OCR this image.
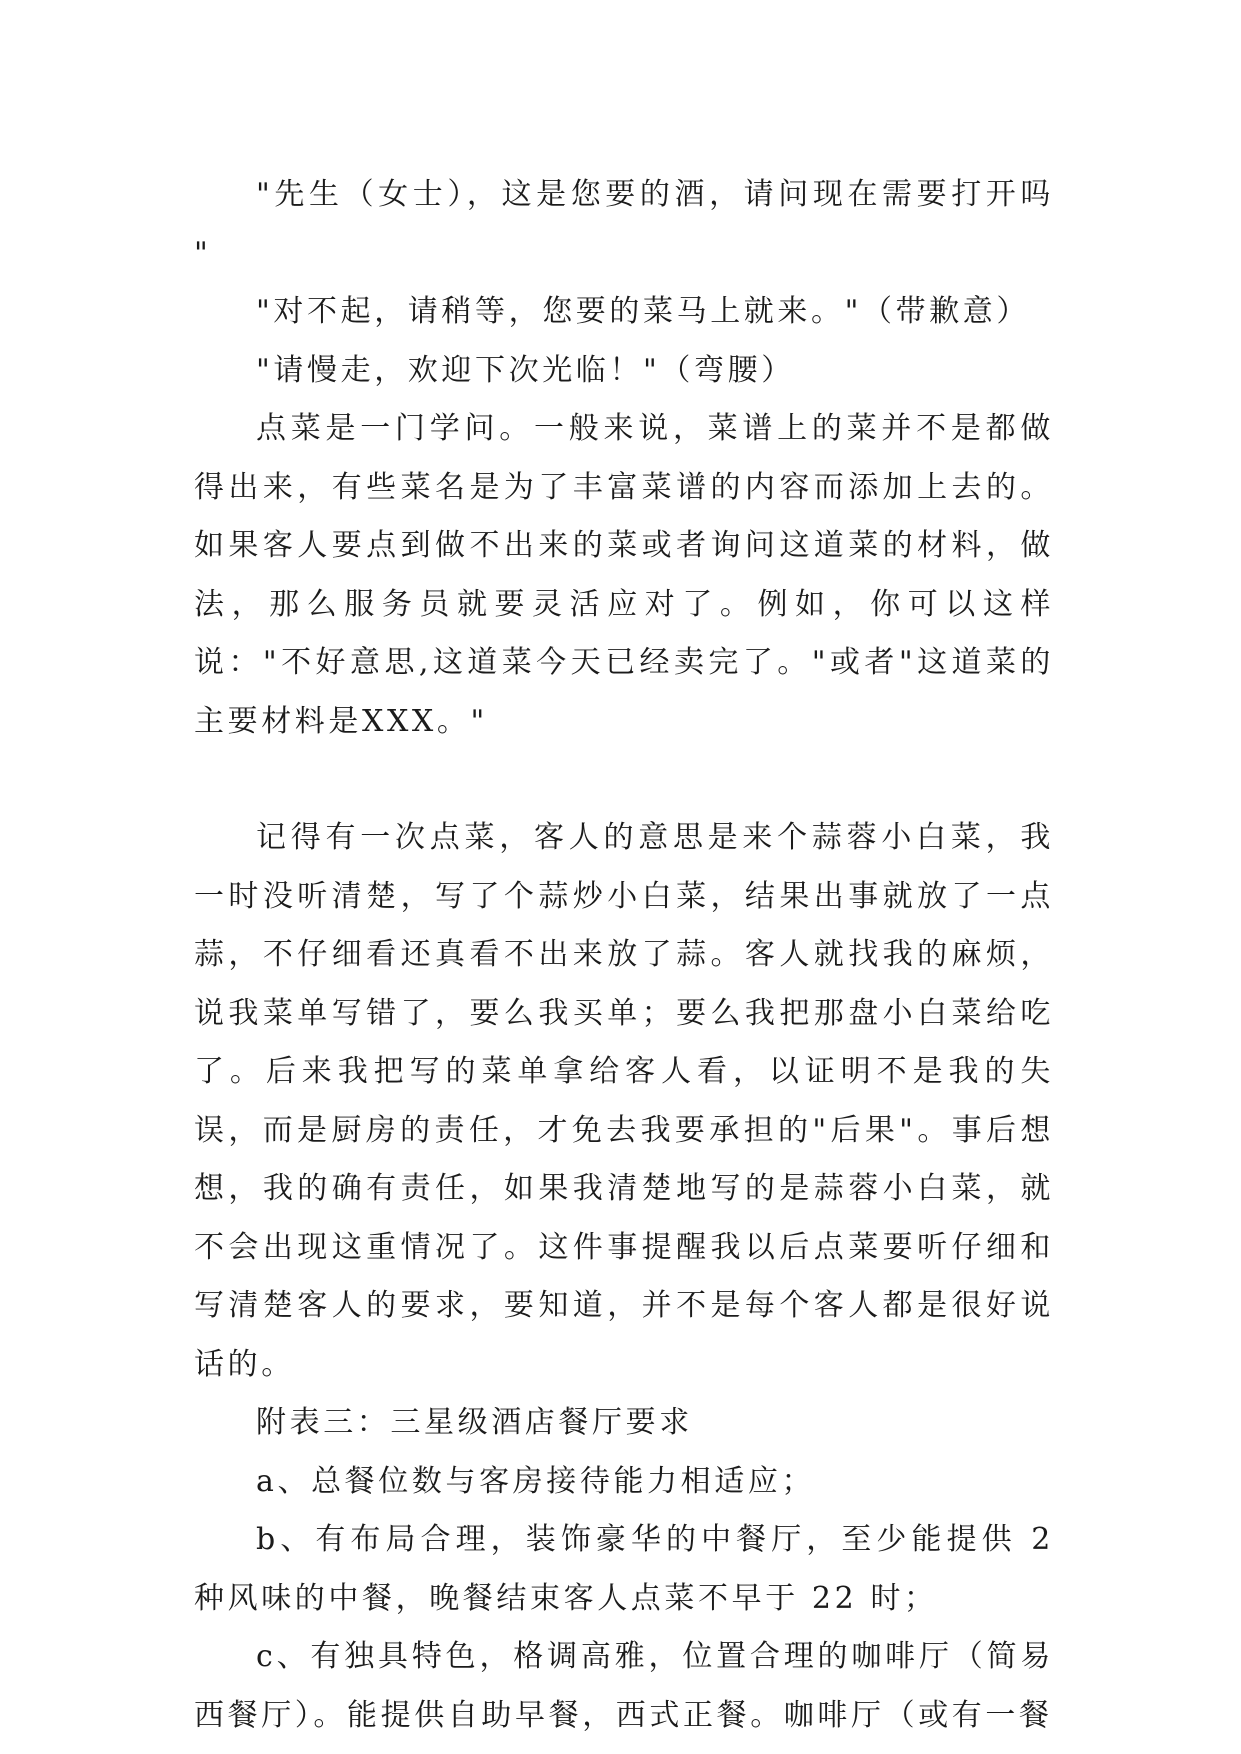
"先生（女士），这是您要的酒，请问现在需要打开吗 "

"对不起，请稍等，您要的菜马上就来。"（带歉意）

"请慢走，欢迎下次光临！"（弯腰）

点菜是一门学问。一般来说，菜谱上的菜并不是都做得出来，有些菜名是为了丰富菜谱的内容而添加上去的。如果客人要点到做不出来的菜或者询问这道菜的材料，做法，那么服务员就要灵活应对了。例如，你可以这样说："不好意思,这道菜今天已经卖完了。"或者"这道菜的主要材料是XXX。"

记得有一次点菜，客人的意思是来个蒜蓉小白菜，我一时没听清楚，写了个蒜炒小白菜，结果出事就放了一点蒜，不仔细看还真看不出来放了蒜。客人就找我的麻烦，说我菜单写错了，要么我买单；要么我把那盘小白菜给吃了。后来我把写的菜单拿给客人看，以证明不是我的失误，而是厨房的责任，才免去我要承担的"后果"。事后想想，我的确有责任，如果我清楚地写的是蒜蓉小白菜，就不会出现这重情况了。这件事提醒我以后点菜要听仔细和写清楚客人的要求，要知道，并不是每个客人都是很好说话的。

附表三：三星级酒店餐厅要求

a、总餐位数与客房接待能力相适应；

b、有布局合理，装饰豪华的中餐厅，至少能提供 2 种风味的中餐，晚餐结束客人点菜不早于 22 时；

c、有独具特色，格调高雅，位置合理的咖啡厅（简易西餐厅）。能提供自助早餐，西式正餐。咖啡厅（或有一餐
